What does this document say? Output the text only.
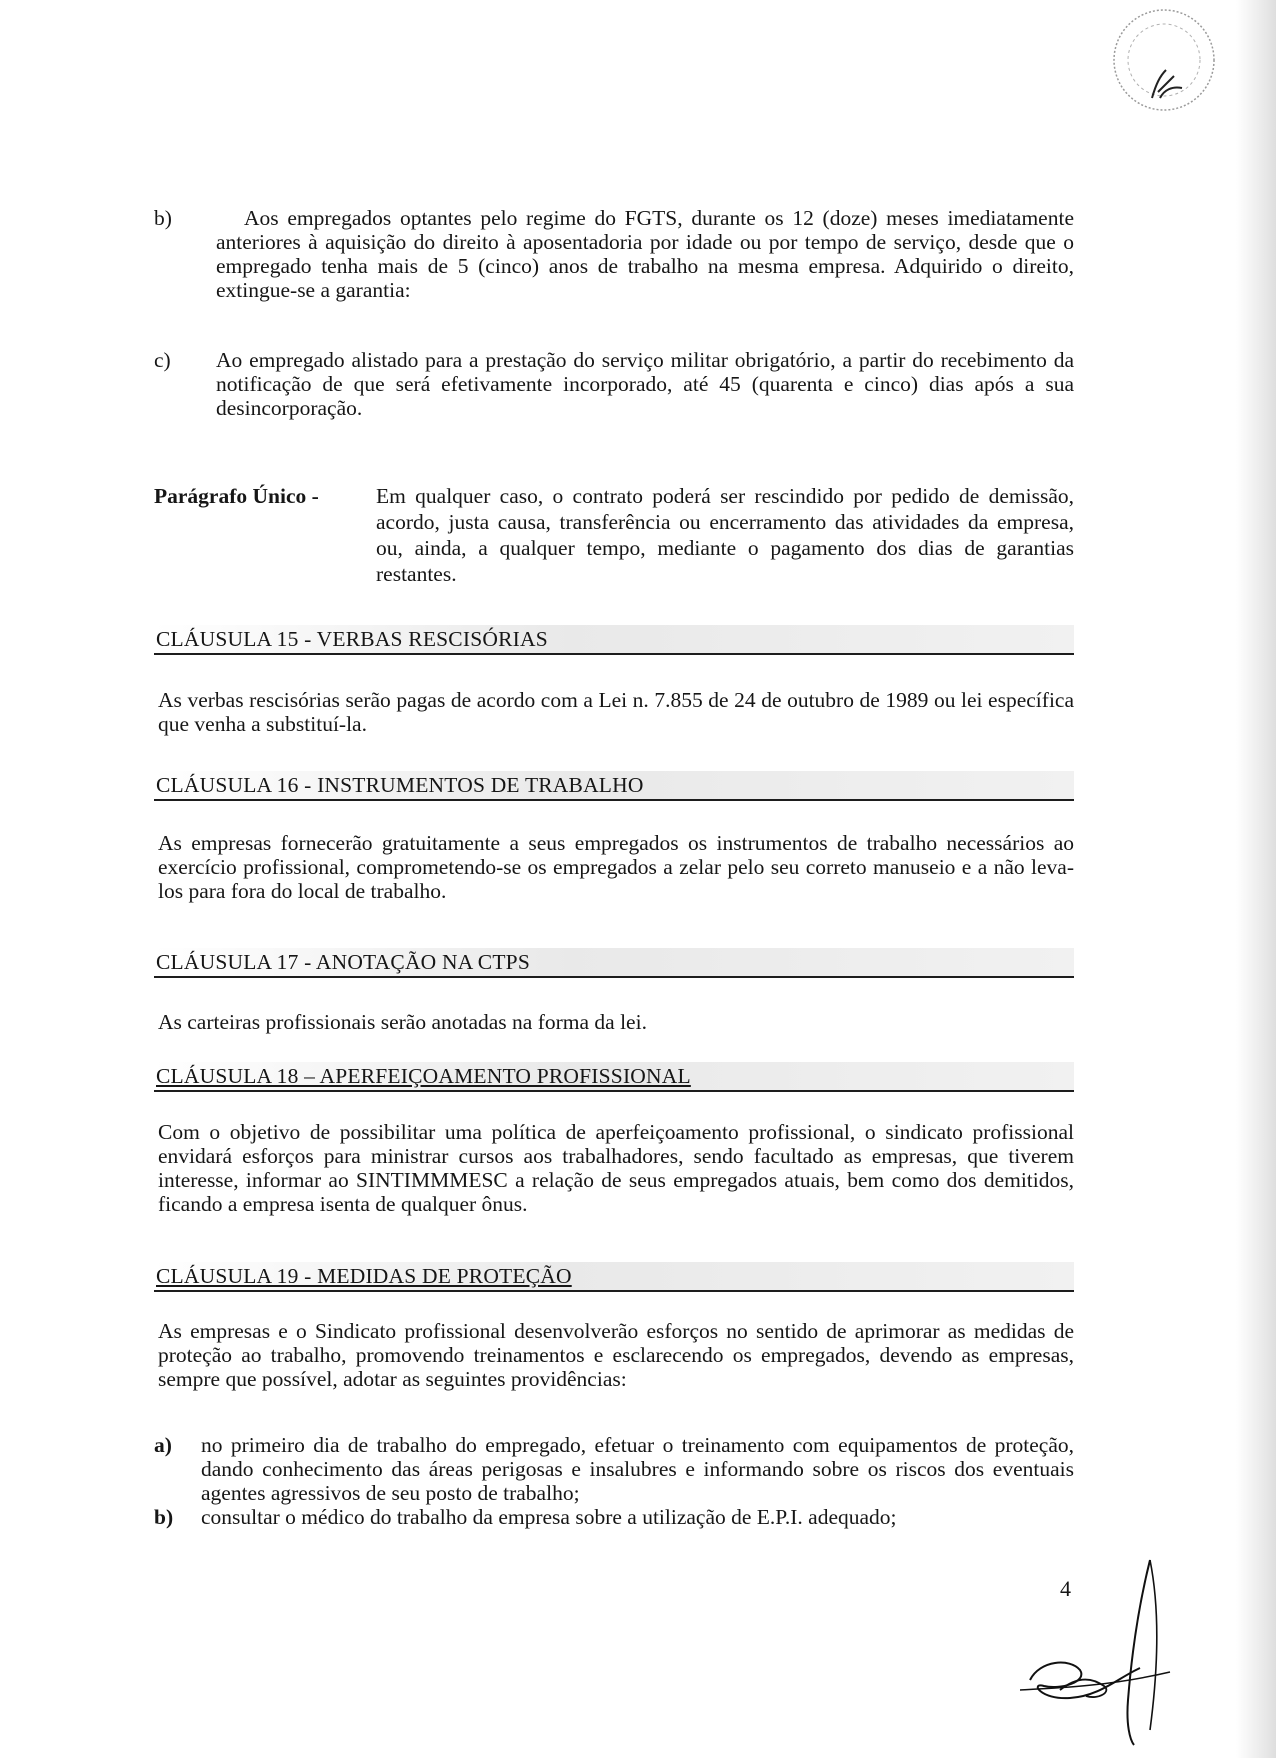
b)	Aos empregados optantes pelo regime do FGTS, durante os 12 (doze) meses imediatamente anteriores à aquisição do direito à aposentadoria por idade ou por tempo de serviço, desde que o empregado tenha mais de 5 (cinco) anos de trabalho na mesma empresa. Adquirido o direito, extingue-se a garantia:
c) Ao empregado alistado para a prestação do serviço militar obrigatório, a partir do recebimento da notificação de que será efetivamente incorporado, até 45 (quarenta e cinco) dias após a sua desincorporação.
Parágrafo Único -	Em qualquer caso, o contrato poderá ser rescindido por pedido de demissão, acordo, justa causa, transferência ou encerramento das atividades da empresa, ou, ainda, a qualquer tempo, mediante o pagamento dos dias de garantias restantes.
CLÁUSULA 15 - VERBAS RESCISÓRIAS
As verbas rescisórias serão pagas de acordo com a Lei n. 7.855 de 24 de outubro de 1989 ou lei específica que venha a substituí-la.
CLÁUSULA 16 - INSTRUMENTOS DE TRABALHO
As empresas fornecerão gratuitamente a seus empregados os instrumentos de trabalho necessários ao exercício profissional, comprometendo-se os empregados a zelar pelo seu correto manuseio e a não leva-los para fora do local de trabalho.
CLÁUSULA 17 - ANOTAÇÃO NA CTPS
As carteiras profissionais serão anotadas na forma da lei.
CLÁUSULA 18 – APERFEIÇOAMENTO PROFISSIONAL
Com o objetivo de possibilitar uma política de aperfeiçoamento profissional, o sindicato profissional envidará esforços para ministrar cursos aos trabalhadores, sendo facultado as empresas, que tiverem interesse, informar ao SINTIMMMESC a relação de seus empregados atuais, bem como dos demitidos, ficando a empresa isenta de qualquer ônus.
CLÁUSULA 19 - MEDIDAS DE PROTEÇÃO
As empresas e o Sindicato profissional desenvolverão esforços no sentido de aprimorar as medidas de proteção ao trabalho, promovendo treinamentos e esclarecendo os empregados, devendo as empresas, sempre que possível, adotar as seguintes providências:
a) no primeiro dia de trabalho do empregado, efetuar o treinamento com equipamentos de proteção, dando conhecimento das áreas perigosas e insalubres e informando sobre os riscos dos eventuais agentes agressivos de seu posto de trabalho;
b) consultar o médico do trabalho da empresa sobre a utilização de E.P.I. adequado;
4
